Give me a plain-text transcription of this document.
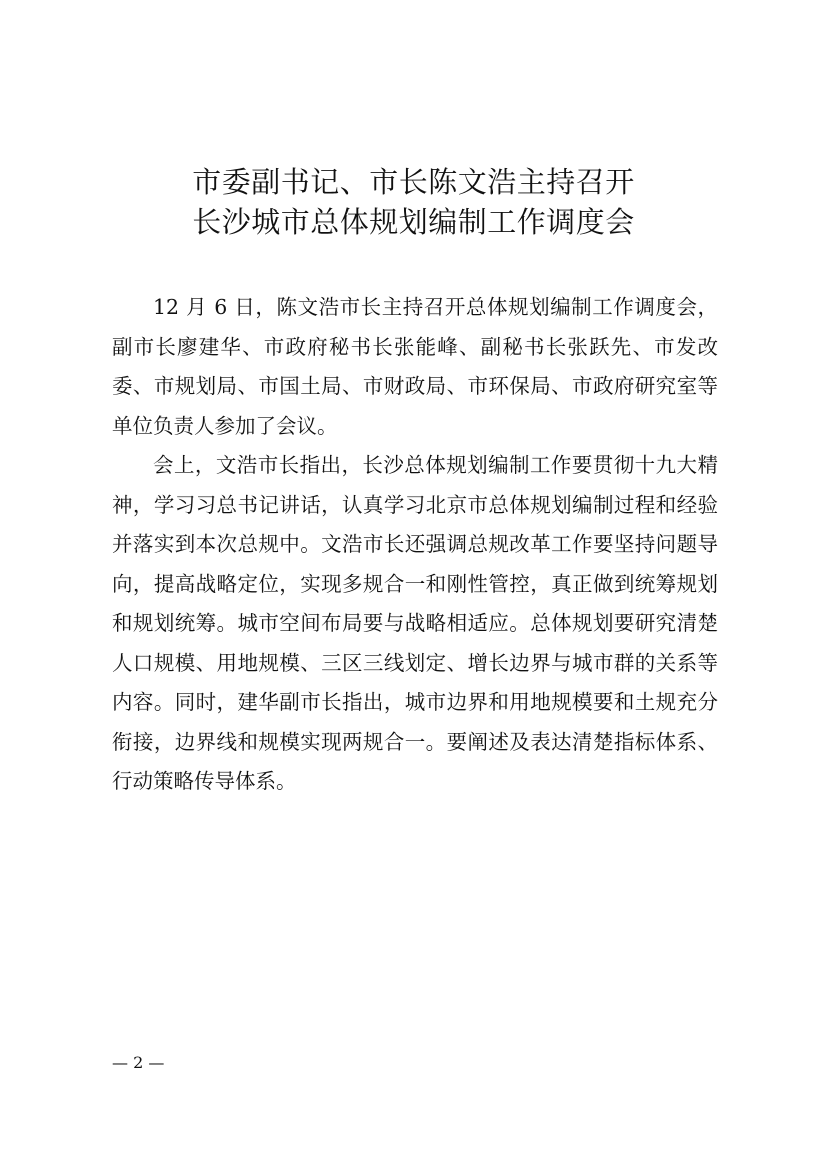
市委副书记、市长陈文浩主持召开
长沙城市总体规划编制工作调度会

12 月 6 日，陈文浩市长主持召开总体规划编制工作调度会，副市长廖建华、市政府秘书长张能峰、副秘书长张跃先、市发改委、市规划局、市国土局、市财政局、市环保局、市政府研究室等单位负责人参加了会议。

会上，文浩市长指出，长沙总体规划编制工作要贯彻十九大精神，学习习总书记讲话，认真学习北京市总体规划编制过程和经验并落实到本次总规中。文浩市长还强调总规改革工作要坚持问题导向，提高战略定位，实现多规合一和刚性管控，真正做到统筹规划和规划统筹。城市空间布局要与战略相适应。总体规划要研究清楚人口规模、用地规模、三区三线划定、增长边界与城市群的关系等内容。同时，建华副市长指出，城市边界和用地规模要和土规充分衔接，边界线和规模实现两规合一。要阐述及表达清楚指标体系、行动策略传导体系。

— 2 —
